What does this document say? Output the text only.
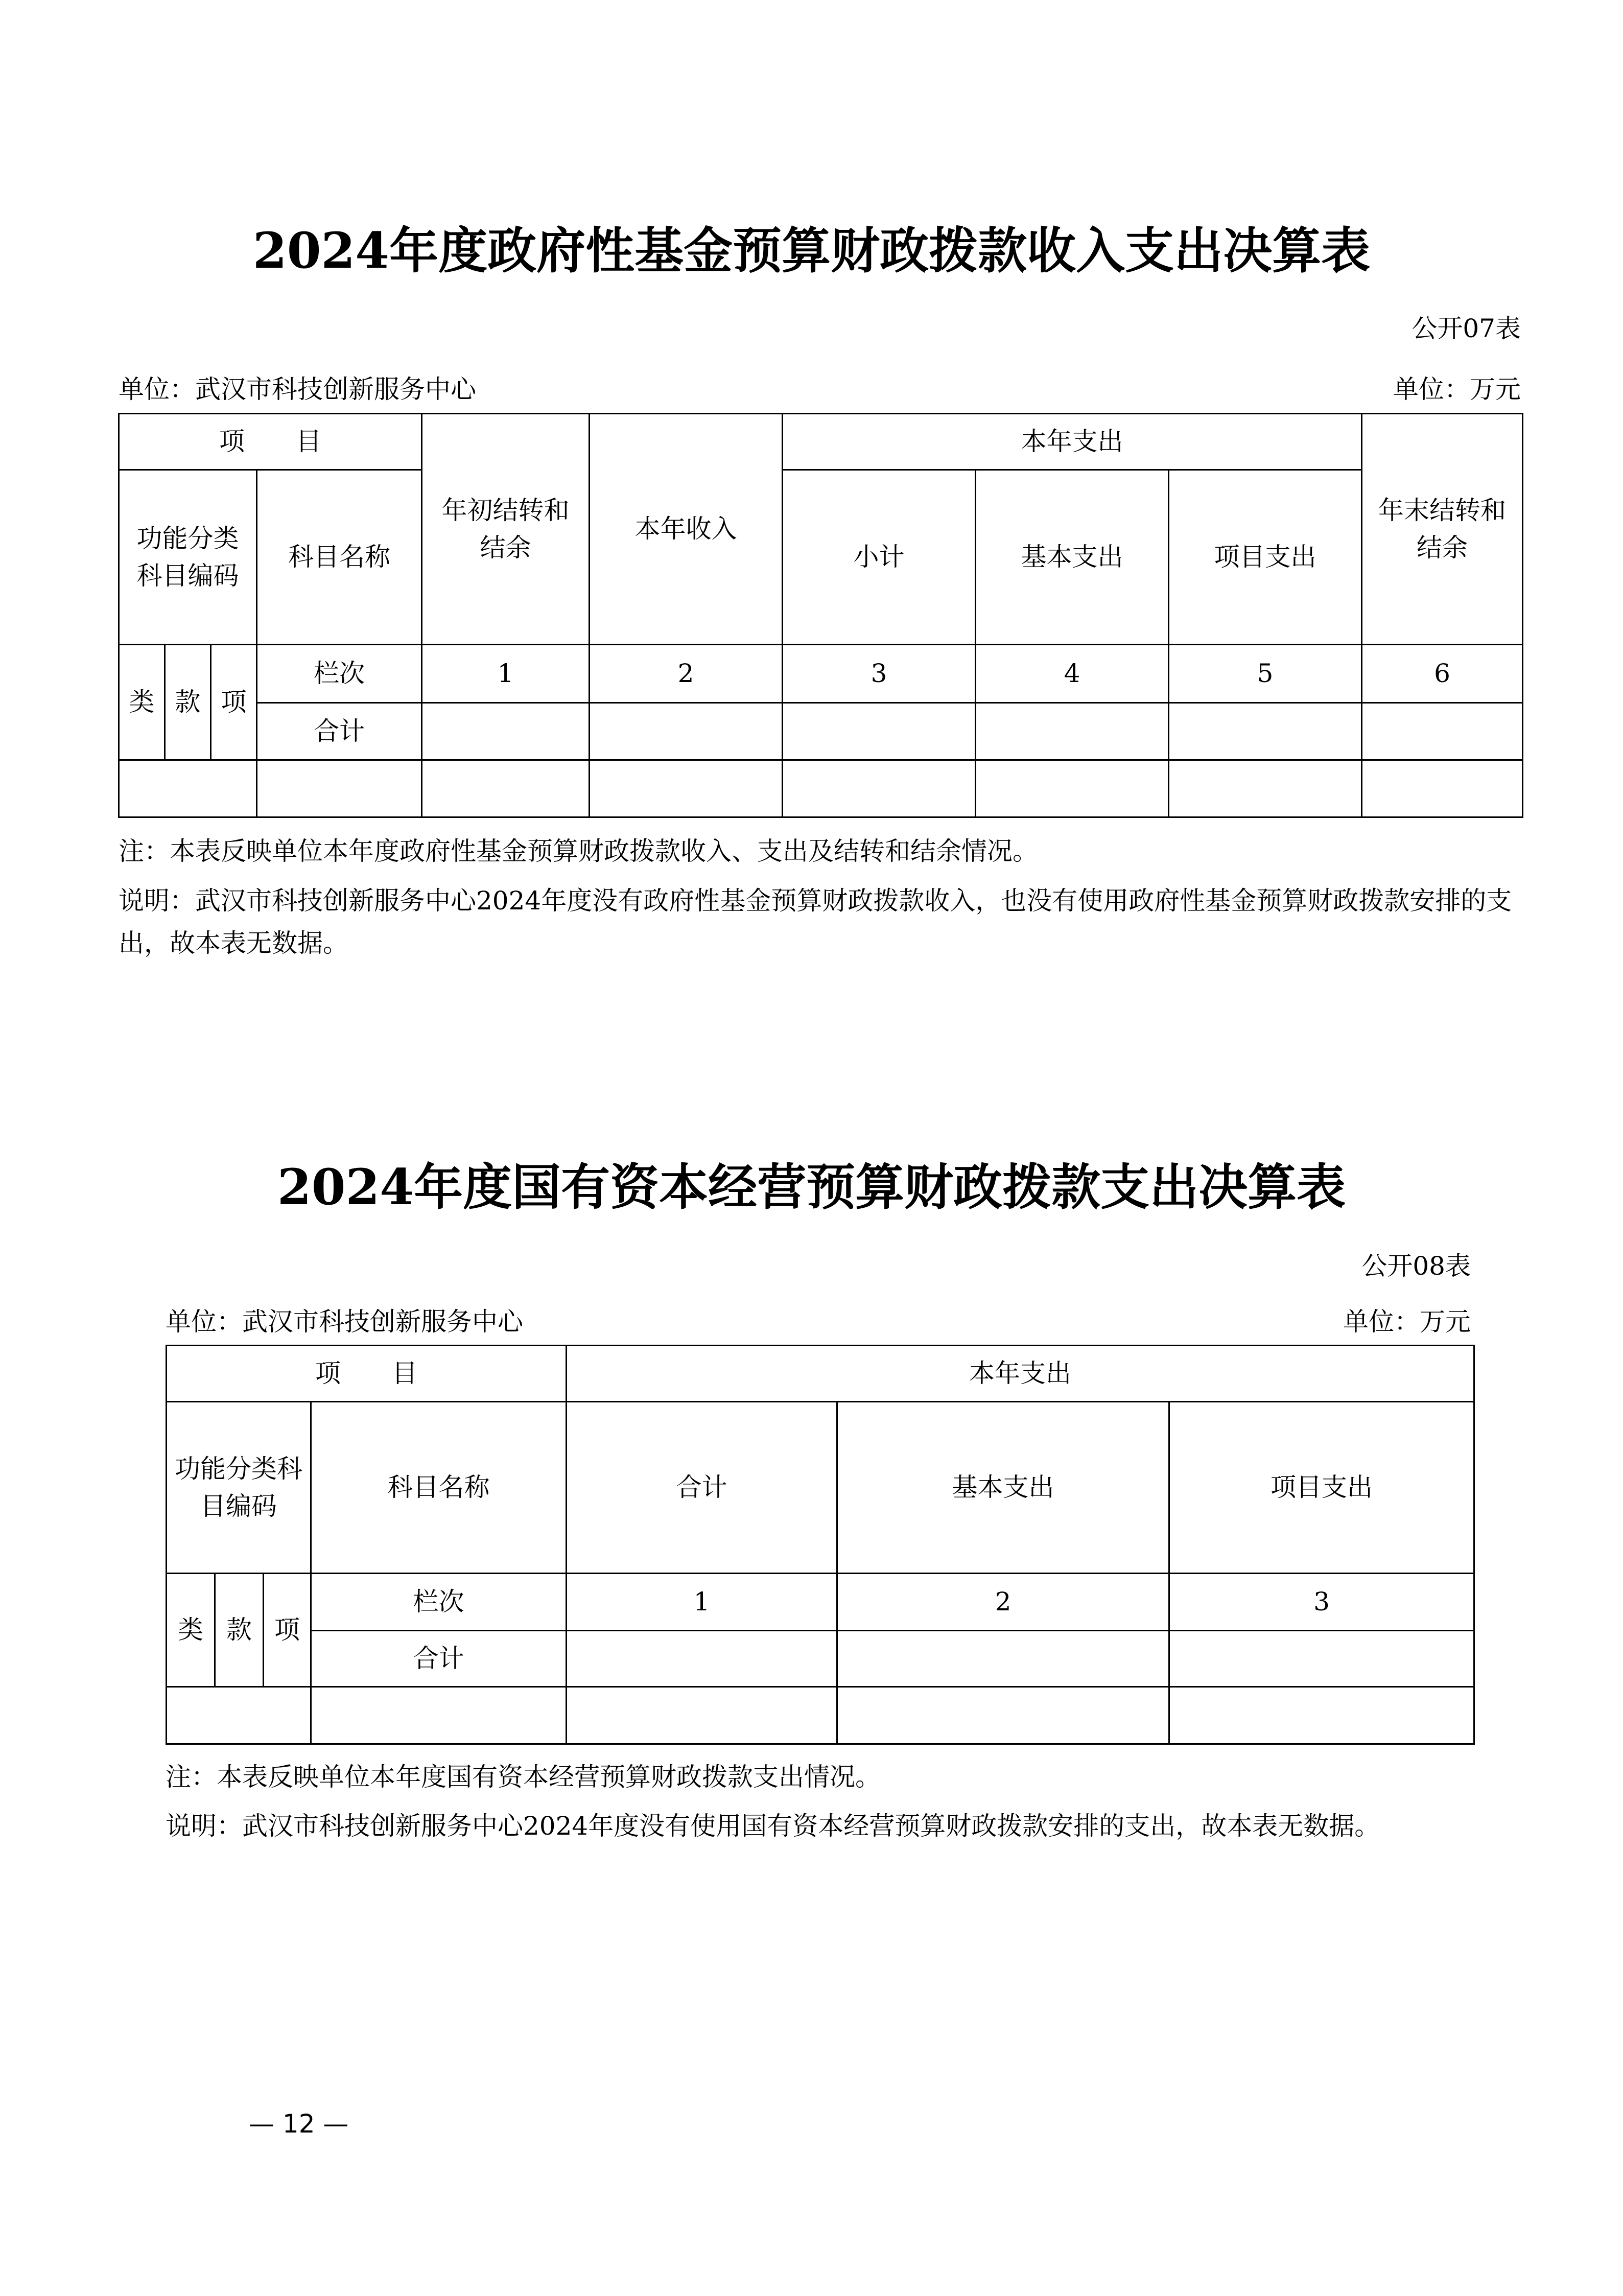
2024年度政府性基金预算财政拨款收入支出决算表
公开07表
单位：武汉市科技创新服务中心	单位：万元
项　　目				年初结转和结余	本年收入	本年支出			年末结转和结余
功能分类科目编码			科目名称			小计	基本支出	项目支出	
类	款	项	栏次	1	2	3	4	5	6
			合计						

注：本表反映单位本年度政府性基金预算财政拨款收入、支出及结转和结余情况。
说明：武汉市科技创新服务中心2024年度没有政府性基金预算财政拨款收入，也没有使用政府性基金预算财政拨款安排的支出，故本表无数据。
2024年度国有资本经营预算财政拨款支出决算表
公开08表
单位：武汉市科技创新服务中心	单位：万元
项　　目				本年支出		
功能分类科目编码			科目名称	合计	基本支出	项目支出
类	款	项	栏次	1	2	3
			合计			

注：本表反映单位本年度国有资本经营预算财政拨款支出情况。
说明：武汉市科技创新服务中心2024年度没有使用国有资本经营预算财政拨款安排的支出，故本表无数据。
— 12 —
